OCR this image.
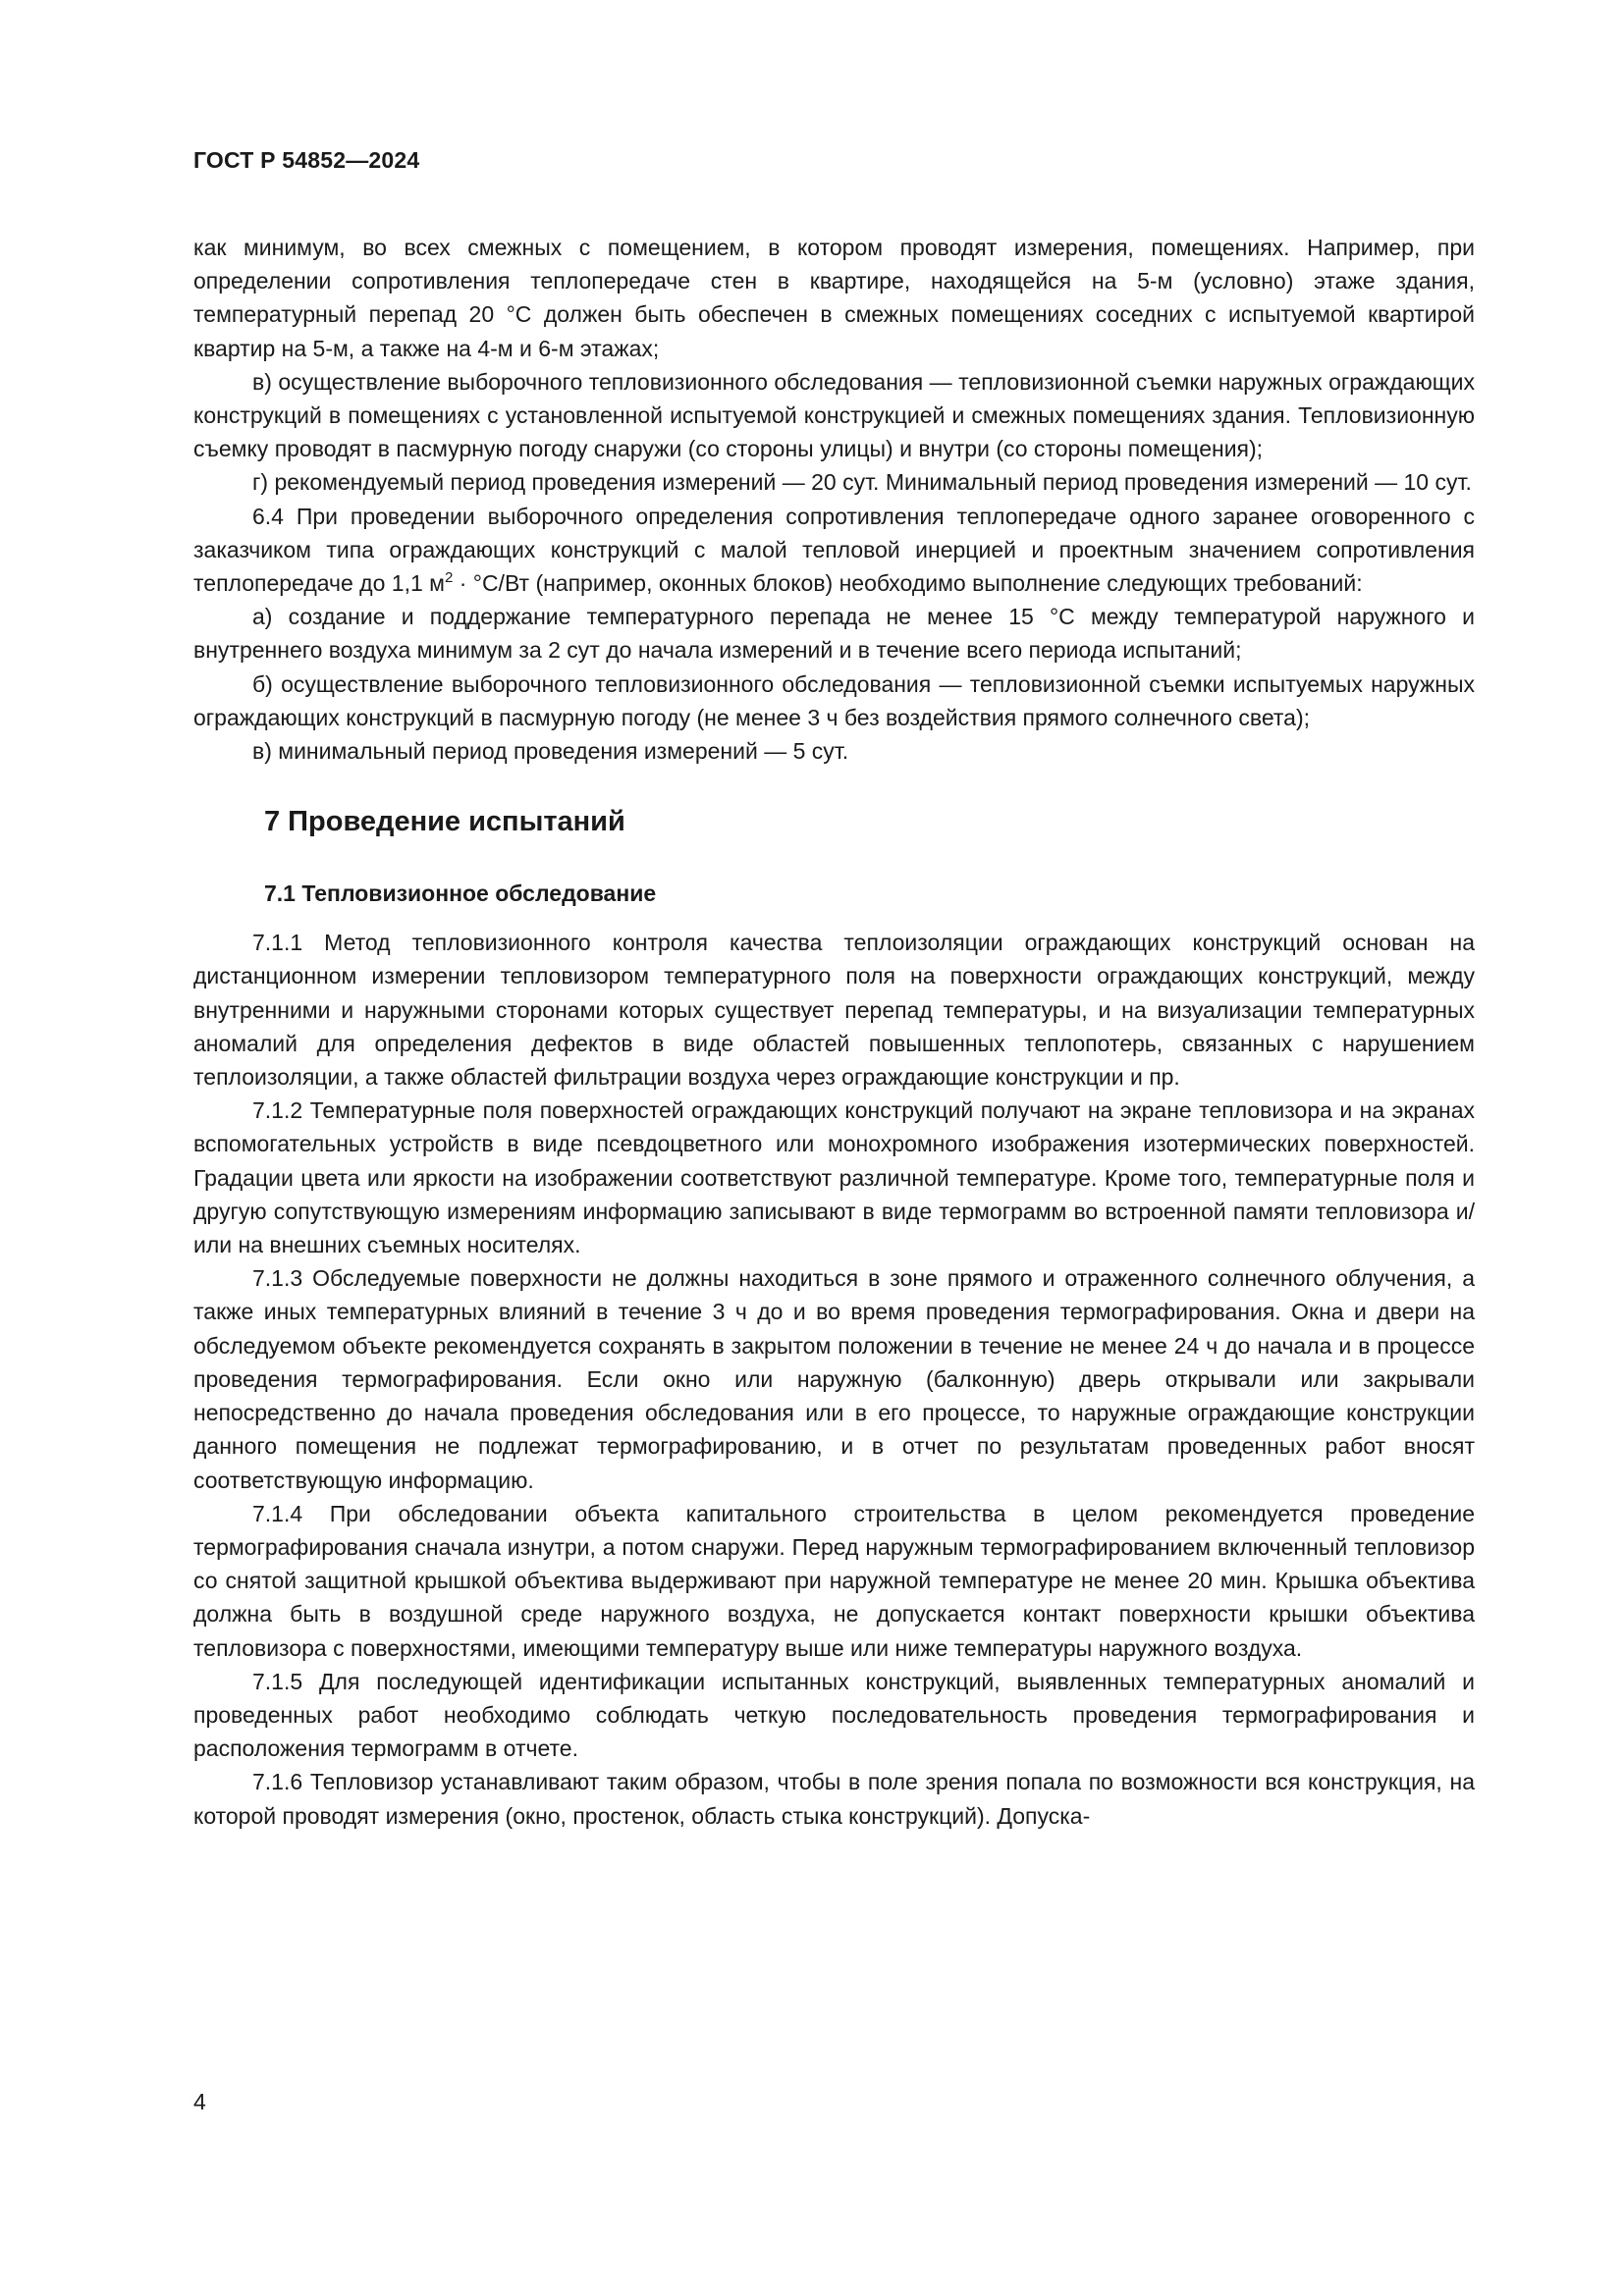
ГОСТ Р 54852—2024

как минимум, во всех смежных с помещением, в котором проводят измерения, помещениях. Например, при определении сопротивления теплопередаче стен в квартире, находящейся на 5-м (условно) этаже здания, температурный перепад 20 °С должен быть обеспечен в смежных помещениях соседних с испытуемой квартирой квартир на 5-м, а также на 4-м и 6-м этажах;

в) осуществление выборочного тепловизионного обследования — тепловизионной съемки наружных ограждающих конструкций в помещениях с установленной испытуемой конструкцией и смежных помещениях здания. Тепловизионную съемку проводят в пасмурную погоду снаружи (со стороны улицы) и внутри (со стороны помещения);

г) рекомендуемый период проведения измерений — 20 сут. Минимальный период проведения измерений — 10 сут.

6.4 При проведении выборочного определения сопротивления теплопередаче одного заранее оговоренного с заказчиком типа ограждающих конструкций с малой тепловой инерцией и проектным значением сопротивления теплопередаче до 1,1 $м^2 \cdot ^\circ С/Вт$ (например, оконных блоков) необходимо выполнение следующих требований:

а) создание и поддержание температурного перепада не менее 15 °С между температурой наружного и внутреннего воздуха минимум за 2 сут до начала измерений и в течение всего периода испытаний;

б) осуществление выборочного тепловизионного обследования — тепловизионной съемки испытуемых наружных ограждающих конструкций в пасмурную погоду (не менее 3 ч без воздействия прямого солнечного света);

в) минимальный период проведения измерений — 5 сут.

7 Проведение испытаний
7.1 Тепловизионное обследование

7.1.1 Метод тепловизионного контроля качества теплоизоляции ограждающих конструкций основан на дистанционном измерении тепловизором температурного поля на поверхности ограждающих конструкций, между внутренними и наружными сторонами которых существует перепад температуры, и на визуализации температурных аномалий для определения дефектов в виде областей повышенных теплопотерь, связанных с нарушением теплоизоляции, а также областей фильтрации воздуха через ограждающие конструкции и пр.

7.1.2 Температурные поля поверхностей ограждающих конструкций получают на экране тепловизора и на экранах вспомогательных устройств в виде псевдоцветного или монохромного изображения изотермических поверхностей. Градации цвета или яркости на изображении соответствуют различной температуре. Кроме того, температурные поля и другую сопутствующую измерениям информацию записывают в виде термограмм во встроенной памяти тепловизора и/или на внешних съемных носителях.

7.1.3 Обследуемые поверхности не должны находиться в зоне прямого и отраженного солнечного облучения, а также иных температурных влияний в течение 3 ч до и во время проведения термографирования. Окна и двери на обследуемом объекте рекомендуется сохранять в закрытом положении в течение не менее 24 ч до начала и в процессе проведения термографирования. Если окно или наружную (балконную) дверь открывали или закрывали непосредственно до начала проведения обследования или в его процессе, то наружные ограждающие конструкции данного помещения не подлежат термографированию, и в отчет по результатам проведенных работ вносят соответствующую информацию.

7.1.4 При обследовании объекта капитального строительства в целом рекомендуется проведение термографирования сначала изнутри, а потом снаружи. Перед наружным термографированием включенный тепловизор со снятой защитной крышкой объектива выдерживают при наружной температуре не менее 20 мин. Крышка объектива должна быть в воздушной среде наружного воздуха, не допускается контакт поверхности крышки объектива тепловизора с поверхностями, имеющими температуру выше или ниже температуры наружного воздуха.

7.1.5 Для последующей идентификации испытанных конструкций, выявленных температурных аномалий и проведенных работ необходимо соблюдать четкую последовательность проведения термографирования и расположения термограмм в отчете.

7.1.6 Тепловизор устанавливают таким образом, чтобы в поле зрения попала по возможности вся конструкция, на которой проводят измерения (окно, простенок, область стыка конструкций). Допуска-

4
